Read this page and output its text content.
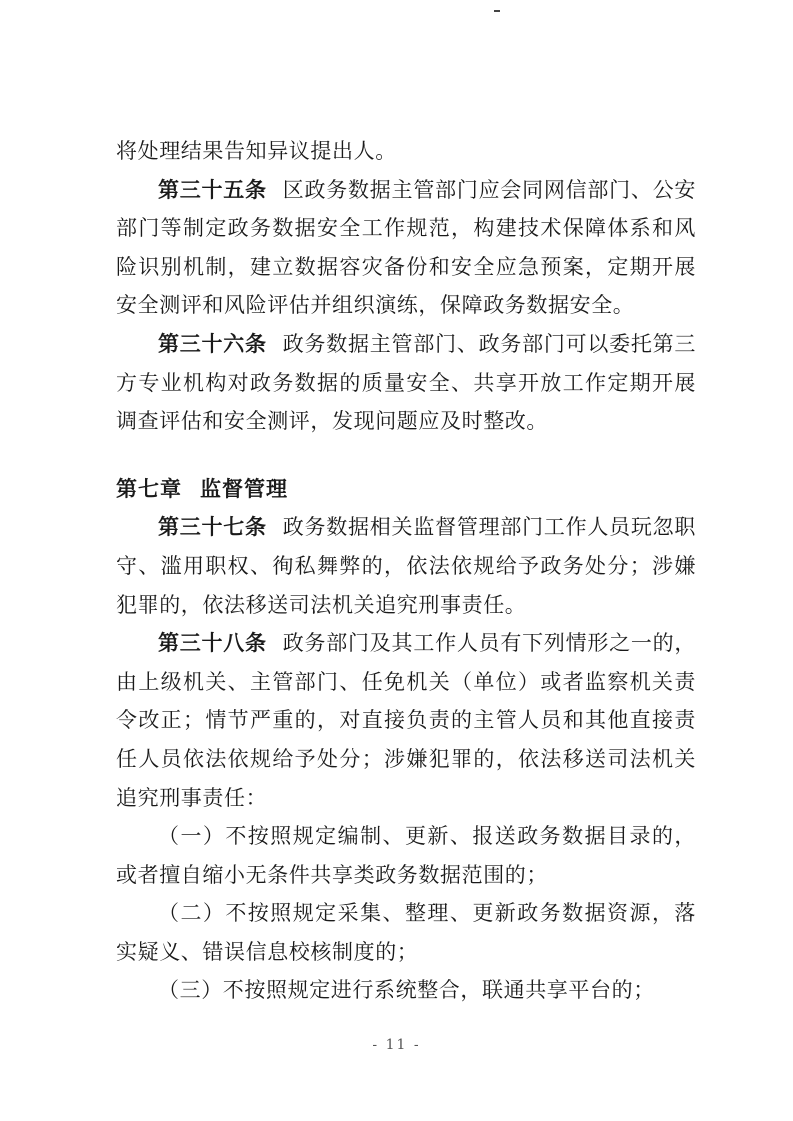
将处理结果告知异议提出人。

第三十五条 区政务数据主管部门应会同网信部门、公安部门等制定政务数据安全工作规范，构建技术保障体系和风险识别机制，建立数据容灾备份和安全应急预案，定期开展安全测评和风险评估并组织演练，保障政务数据安全。

第三十六条 政务数据主管部门、政务部门可以委托第三方专业机构对政务数据的质量安全、共享开放工作定期开展调查评估和安全测评，发现问题应及时整改。

第七章 监督管理

第三十七条 政务数据相关监督管理部门工作人员玩忽职守、滥用职权、徇私舞弊的，依法依规给予政务处分；涉嫌犯罪的，依法移送司法机关追究刑事责任。

第三十八条 政务部门及其工作人员有下列情形之一的，由上级机关、主管部门、任免机关（单位）或者监察机关责令改正；情节严重的，对直接负责的主管人员和其他直接责任人员依法依规给予处分；涉嫌犯罪的，依法移送司法机关追究刑事责任：

（一）不按照规定编制、更新、报送政务数据目录的，或者擅自缩小无条件共享类政务数据范围的；

（二）不按照规定采集、整理、更新政务数据资源，落实疑义、错误信息校核制度的；

（三）不按照规定进行系统整合，联通共享平台的；

- 11 -
